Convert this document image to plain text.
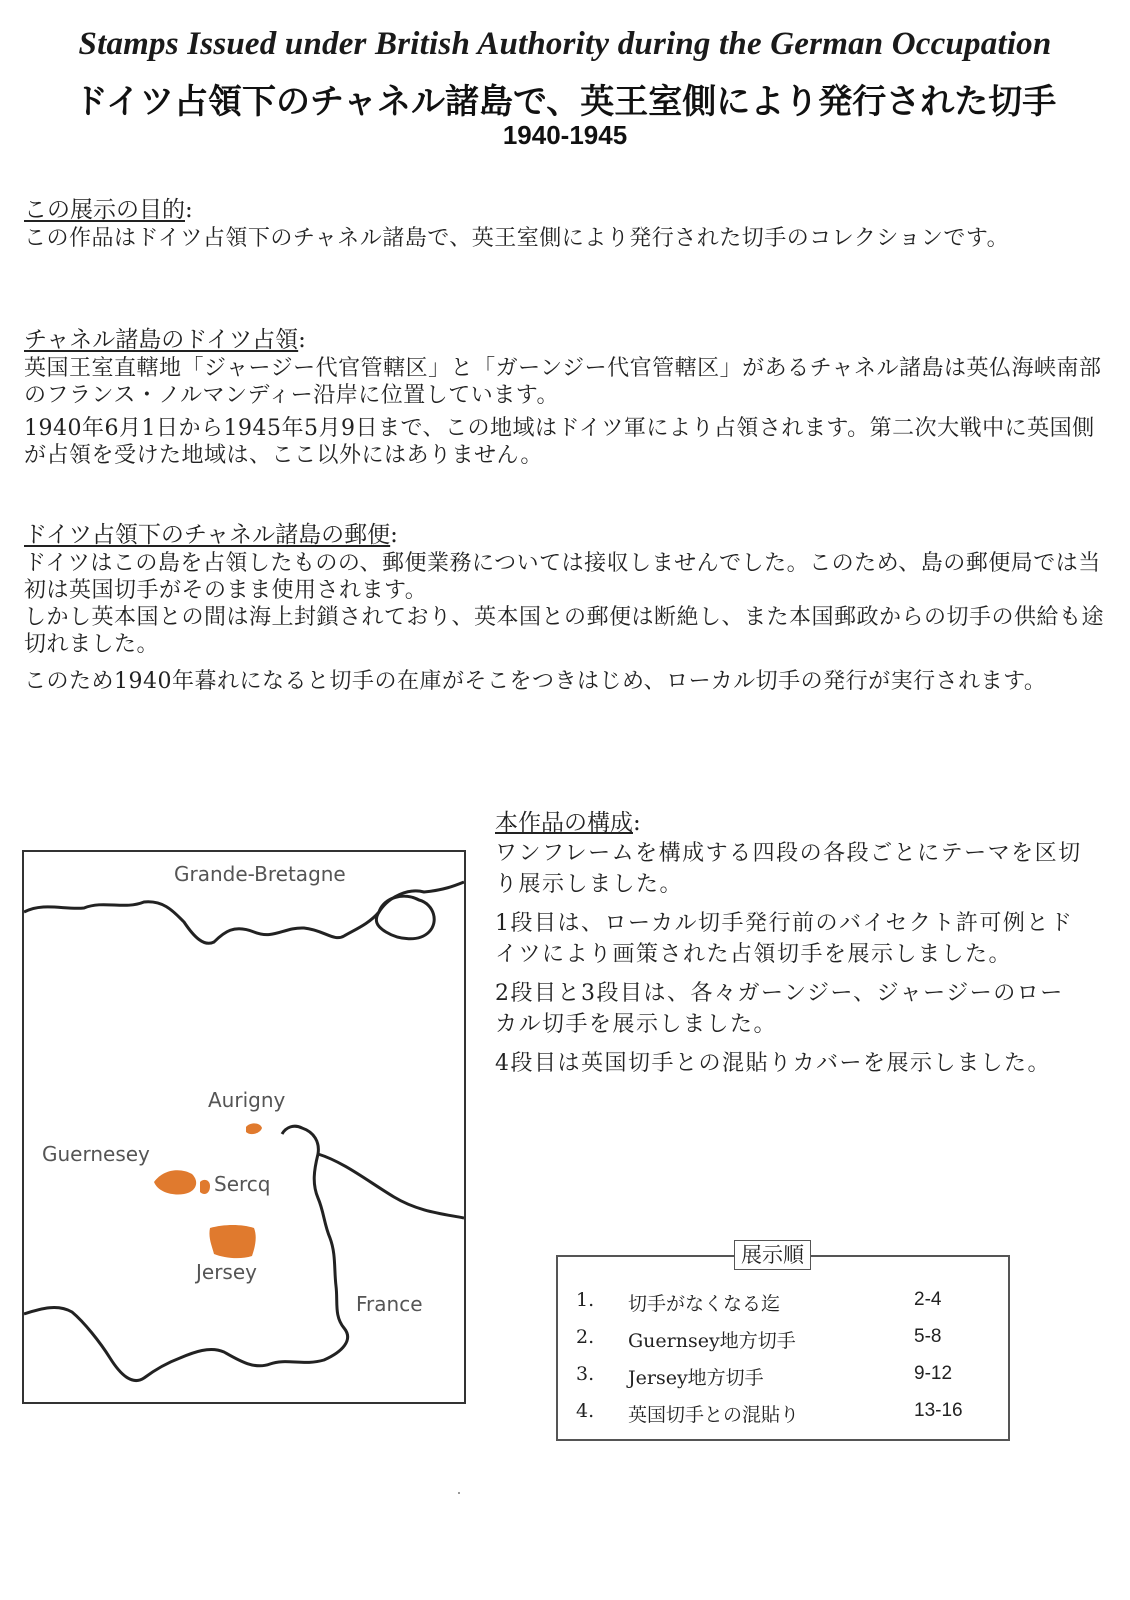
Stamps Issued under British Authority during the German Occupation
ドイツ占領下のチャネル諸島で、英王室側により発行された切手
1940-1945
この展示の目的:

この作品はドイツ占領下のチャネル諸島で、英王室側により発行された切手のコレクションです。

チャネル諸島のドイツ占領:

英国王室直轄地「ジャージー代官管轄区」と「ガーンジー代官管轄区」があるチャネル諸島は英仏海峡南部のフランス・ノルマンディー沿岸に位置しています。

1940年6月1日から1945年5月9日まで、この地域はドイツ軍により占領されます。第二次大戦中に英国側が占領を受けた地域は、ここ以外にはありません。

ドイツ占領下のチャネル諸島の郵便:

ドイツはこの島を占領したものの、郵便業務については接収しませんでした。このため、島の郵便局では当初は英国切手がそのまま使用されます。

しかし英本国との間は海上封鎖されており、英本国との郵便は断絶し、また本国郵政からの切手の供給も途切れました。

このため1940年暮れになると切手の在庫がそこをつきはじめ、ローカル切手の発行が実行されます。

Grande-Bretagne
Aurigny
Guernesey
Sercq
Jersey
France
本作品の構成:

ワンフレームを構成する四段の各段ごとにテーマを区切り展示しました。

1段目は、ローカル切手発行前のバイセクト許可例とドイツにより画策された占領切手を展示しました。

2段目と3段目は、各々ガーンジー、ジャージーのローカル切手を展示しました。

4段目は英国切手との混貼りカバーを展示しました。

展示順
1. 切手がなくなる迄	2-4
2. Guernsey地方切手	5-8
3. Jersey地方切手	9-12
4. 英国切手との混貼り	13-16
